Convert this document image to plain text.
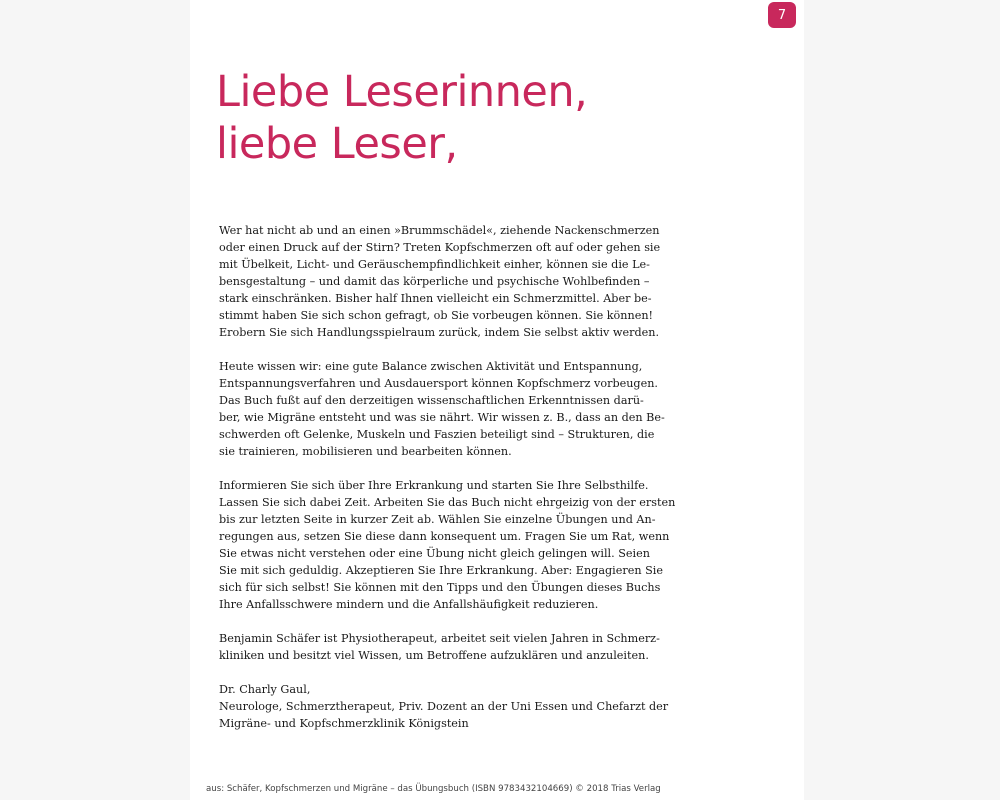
7
Liebe Leserinnen,
liebe Leser,

Wer hat nicht ab und an einen »Brummschädel«, ziehende Nackenschmerzen
oder einen Druck auf der Stirn? Treten Kopfschmerzen oft auf oder gehen sie
mit Übelkeit, Licht- und Geräuschempfindlichkeit einher, können sie die Le-
bensgestaltung – und damit das körperliche und psychische Wohlbefinden –
stark einschränken. Bisher half Ihnen vielleicht ein Schmerzmittel. Aber be-
stimmt haben Sie sich schon gefragt, ob Sie vorbeugen können. Sie können!
Erobern Sie sich Handlungsspielraum zurück, indem Sie selbst aktiv werden.

Heute wissen wir: eine gute Balance zwischen Aktivität und Entspannung,
Entspannungsverfahren und Ausdauersport können Kopfschmerz vorbeugen.
Das Buch fußt auf den derzeitigen wissenschaftlichen Erkenntnissen darü-
ber, wie Migräne entsteht und was sie nährt. Wir wissen z. B., dass an den Be-
schwerden oft Gelenke, Muskeln und Faszien beteiligt sind – Strukturen, die
sie trainieren, mobilisieren und bearbeiten können.

Informieren Sie sich über Ihre Erkrankung und starten Sie Ihre Selbsthilfe.
Lassen Sie sich dabei Zeit. Arbeiten Sie das Buch nicht ehrgeizig von der ersten
bis zur letzten Seite in kurzer Zeit ab. Wählen Sie einzelne Übungen und An-
regungen aus, setzen Sie diese dann konsequent um. Fragen Sie um Rat, wenn
Sie etwas nicht verstehen oder eine Übung nicht gleich gelingen will. Seien
Sie mit sich geduldig. Akzeptieren Sie Ihre Erkrankung. Aber: Engagieren Sie
sich für sich selbst! Sie können mit den Tipps und den Übungen dieses Buchs
Ihre Anfallsschwere mindern und die Anfallshäufigkeit reduzieren.

Benjamin Schäfer ist Physiotherapeut, arbeitet seit vielen Jahren in Schmerz-
kliniken und besitzt viel Wissen, um Betroffene aufzuklären und anzuleiten.

Dr. Charly Gaul,
Neurologe, Schmerztherapeut, Priv. Dozent an der Uni Essen und Chefarzt der
Migräne- und Kopfschmerzklinik Königstein

aus: Schäfer, Kopfschmerzen und Migräne – das Übungsbuch (ISBN 9783432104669) © 2018 Trias Verlag
